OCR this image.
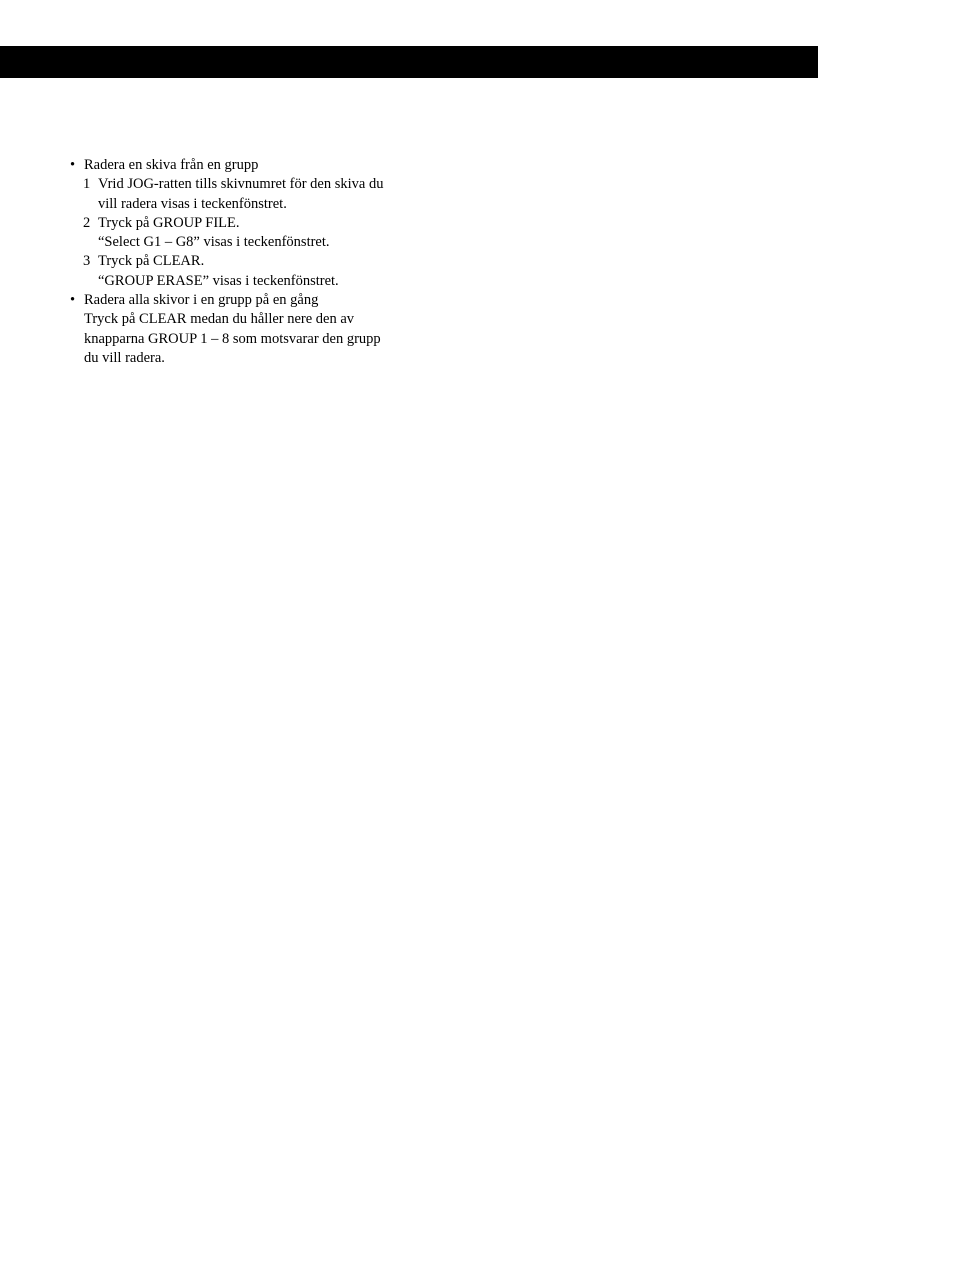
• Radera en skiva från en grupp
1 Vrid JOG-ratten tills skivnumret för den skiva du
vill radera visas i teckenfönstret.
2 Tryck på GROUP FILE.
“Select G1 – G8” visas i teckenfönstret.
3 Tryck på CLEAR.
“GROUP ERASE” visas i teckenfönstret.
• Radera alla skivor i en grupp på en gång
Tryck på CLEAR medan du håller nere den av
knapparna GROUP 1 – 8 som motsvarar den grupp
du vill radera.
